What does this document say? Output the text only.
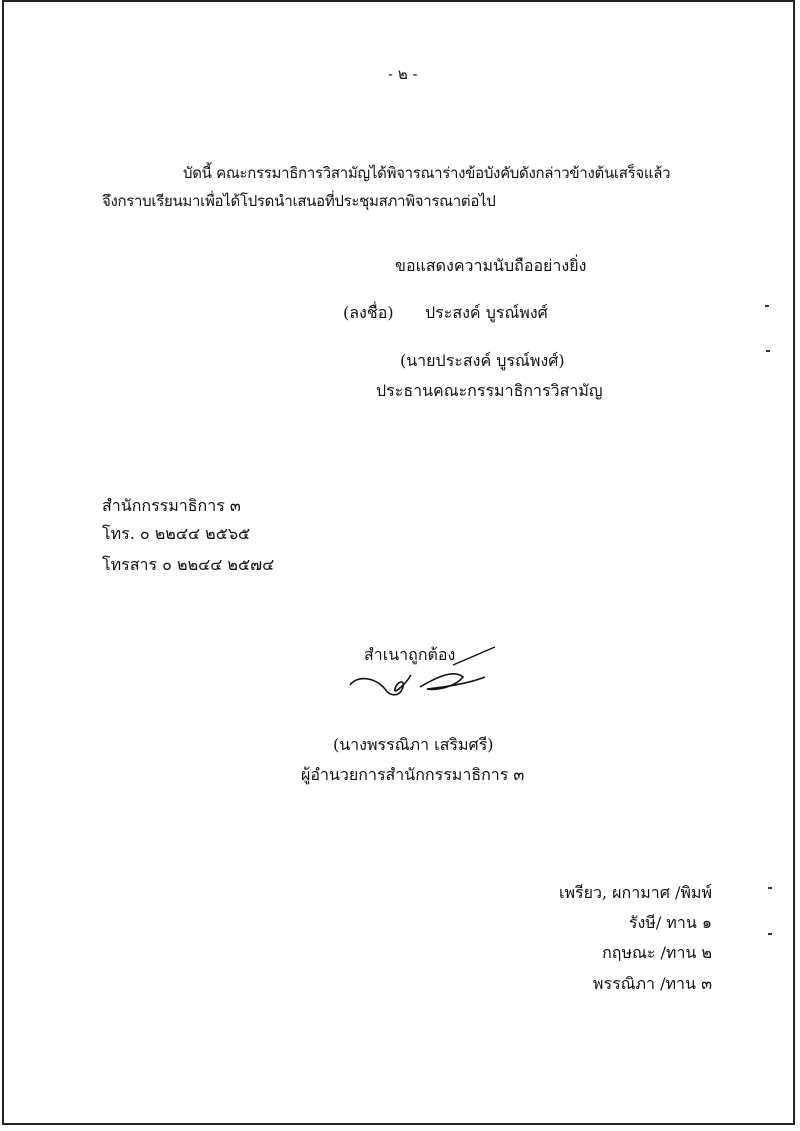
- ๒ -
บัดนี้ คณะกรรมาธิการวิสามัญได้พิจารณาร่างข้อบังคับดังกล่าวข้างต้นเสร็จแล้ว
จึงกราบเรียนมาเพื่อได้โปรดนำเสนอที่ประชุมสภาพิจารณาต่อไป
ขอแสดงความนับถืออย่างยิ่ง
(ลงชื่อ) ประสงค์ บูรณ์พงศ์
(นายประสงค์ บูรณ์พงศ์)
ประธานคณะกรรมาธิการวิสามัญ
สำนักกรรมาธิการ ๓
โทร. ๐ ๒๒๔๔ ๒๕๖๕
โทรสาร ๐ ๒๒๔๔ ๒๕๗๔
สำเนาถูกต้อง
(นางพรรณิภา เสริมศรี)
ผู้อำนวยการสำนักกรรมาธิการ ๓
เพรียว, ผกามาศ /พิมพ์
รังษี/ ทาน ๑
กฤษณะ /ทาน ๒
พรรณิภา /ทาน ๓
